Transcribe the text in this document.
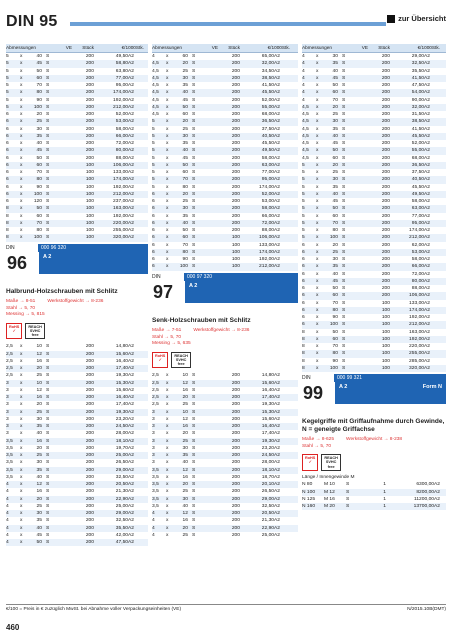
DIN 95	zur Übersicht
Abmessungen	VE	Stück	€/1000Stk.
5	x	40 S	200	49,50A2
5	x	45 S	200	58,80A2
5	x	50 S	200	63,80A2
5	x	60 S	200	77,00A2
5	x	70 S	200	95,00A2
5	x	80 S	200	174,00A2
5	x	90 S	200	192,00A2
5	x	100 S	200	212,00A2
6	x	20 S	200	52,00A2
6	x	25 S	200	53,00A2
6	x	30 S	200	58,00A2
6	x	35 S	200	66,00A2
6	x	40 S	200	72,00A2
6	x	45 S	200	80,00A2
6	x	50 S	200	88,00A2
6	x	60 S	100	106,00A2
6	x	70 S	100	133,00A2
6	x	80 S	100	174,00A2
6	x	90 S	100	192,00A2
6	x	100 S	100	212,00A2
6	x	120 S	100	237,00A2
8	x	50 S	100	163,00A2
8	x	60 S	100	192,00A2
8	x	70 S	100	220,00A2
8	x	80 S	100	255,00A2
8	x	100 S	100	320,00A2
DIN	000 96 320
96	A 2
Halbrund-Holzschrauben mit Schlitz
Maße → 8-51	Werkstoffgewicht → 8-236
Stahl → 5, 70
Messing → 5, 815
RoHS
✓
REACH
SVHC
free
2,5	x	10 S	200	14,80A2
2,5	x	12 S	200	15,60A2
2,5	x	16 S	200	16,40A2
2,5	x	20 S	200	17,40A2
2,5	x	25 S	200	19,30A2
3	x	10 S	200	15,30A2
3	x	12 S	200	15,60A2
3	x	16 S	200	16,40A2
3	x	20 S	200	17,40A2
3	x	25 S	200	19,30A2
3	x	30 S	200	23,20A2
3	x	35 S	200	24,50A2
3	x	40 S	200	28,00A2
3,5	x	16 S	200	18,10A2
3,5	x	20 S	200	19,70A2
3,5	x	25 S	200	25,00A2
3,5	x	30 S	200	26,50A2
3,5	x	35 S	200	29,00A2
3,5	x	40 S	200	32,50A2
4	x	12 S	200	20,50A2
4	x	16 S	200	21,30A2
4	x	20 S	200	22,90A2
4	x	25 S	200	25,00A2
4	x	30 S	200	29,00A2
4	x	35 S	200	32,50A2
4	x	40 S	200	35,50A2
4	x	45 S	200	42,00A2
4	x	50 S	200	47,50A2
Abmessungen	VE	Stück	€/1000Stk.
4	x	60 S	200	65,00A2
4,5	x	20 S	200	32,00A2
4,5	x	25 S	200	34,50A2
4,5	x	30 S	200	38,50A2
4,5	x	35 S	200	41,50A2
4,5	x	40 S	200	45,50A2
4,5	x	45 S	200	52,00A2
4,5	x	50 S	200	55,00A2
4,5	x	60 S	200	68,00A2
5	x	20 S	200	36,50A2
5	x	25 S	200	37,50A2
5	x	30 S	200	40,50A2
5	x	35 S	200	45,50A2
5	x	40 S	200	49,50A2
5	x	45 S	200	58,00A2
5	x	50 S	200	63,00A2
5	x	60 S	200	77,00A2
5	x	70 S	200	95,00A2
5	x	80 S	200	174,00A2
6	x	20 S	200	52,00A2
6	x	25 S	200	53,00A2
6	x	30 S	200	58,00A2
6	x	35 S	200	66,00A2
6	x	40 S	200	72,00A2
6	x	50 S	200	88,00A2
6	x	60 S	100	106,00A2
6	x	70 S	100	133,00A2
6	x	80 S	100	174,00A2
6	x	90 S	100	192,00A2
6	x	100 S	100	212,00A2
DIN	000 97 320
97	A 2
Senk-Holzschrauben mit Schlitz
Maße → 7-51	Werkstoffgewicht → 8-236
Stahl → 5, 70
Messing → 5, 635
RoHS
✓
REACH
SVHC
free
2,5	x	10 S	200	14,80A2
2,5	x	12 S	200	15,60A2
2,5	x	16 S	200	16,40A2
2,5	x	20 S	200	17,40A2
2,5	x	25 S	200	19,30A2
3	x	10 S	200	15,30A2
3	x	12 S	200	15,60A2
3	x	16 S	200	16,40A2
3	x	20 S	200	17,40A2
3	x	25 S	200	19,30A2
3	x	30 S	200	23,20A2
3	x	35 S	200	24,50A2
3	x	40 S	200	28,00A2
3,5	x	12 S	200	18,10A2
3,5	x	16 S	200	18,70A2
3,5	x	20 S	200	20,10A2
3,5	x	25 S	200	26,50A2
3,5	x	30 S	200	29,00A2
3,5	x	40 S	200	32,50A2
4	x	12 S	200	20,50A2
4	x	16 S	200	21,30A2
4	x	20 S	200	22,90A2
4	x	25 S	200	25,00A2
Abmessungen	VE	Stück	€/1000Stk.
4	x	30 S	200	29,00A2
4	x	35 S	200	32,50A2
4	x	40 S	200	35,50A2
4	x	45 S	200	41,50A2
4	x	50 S	200	47,50A2
4	x	60 S	200	54,00A2
4	x	70 S	200	90,00A2
4,5	x	20 S	200	32,00A2
4,5	x	25 S	200	31,50A2
4,5	x	30 S	200	38,50A2
4,5	x	35 S	200	41,50A2
4,5	x	40 S	200	45,50A2
4,5	x	45 S	200	52,00A2
4,5	x	50 S	200	55,00A2
4,5	x	60 S	200	68,00A2
5	x	20 S	200	36,50A2
5	x	25 S	200	37,50A2
5	x	30 S	200	40,50A2
5	x	35 S	200	45,50A2
5	x	40 S	200	49,50A2
5	x	45 S	200	58,00A2
5	x	50 S	200	63,00A2
5	x	60 S	200	77,00A2
5	x	70 S	200	95,00A2
5	x	80 S	200	174,00A2
5	x	100 S	200	212,00A2
6	x	20 S	200	62,00A2
6	x	25 S	200	53,00A2
6	x	30 S	200	58,00A2
6	x	35 S	200	66,00A2
6	x	40 S	200	72,00A2
6	x	45 S	200	80,00A2
6	x	50 S	200	88,00A2
6	x	60 S	200	106,00A2
6	x	70 S	100	133,00A2
6	x	80 S	100	174,00A2
6	x	90 S	100	192,00A2
6	x	100 S	100	212,00A2
8	x	50 S	100	163,00A2
8	x	60 S	100	192,00A2
8	x	70 S	100	220,00A2
8	x	80 S	100	255,00A2
8	x	90 S	100	285,00A2
8	x	100 S	100	320,00A2
DIN	000 99 321
99	A 2	Form N
Kegelgriffe mit Griffaufnahme durch Gewinde, N = geneigte Griffachse
Maße → 8-625	Werkstoffgewicht → 8-238
Stahl → 5, 70
RoHS
✓
REACH
SVHC
free
Länge / Innengewinde M
N 80	M 10	S	1	6300,00A2
N 100	M 12	S	1	8200,00A2
N 125	M 16	S	1	11200,00A2
N 160	M 20	S	1	13700,00A2
€/100 = Preis in € zuzüglich MwSt. bei Abnahme voller Verpackungseinheiten (VE)	N/2015.10B(DMT)
460
